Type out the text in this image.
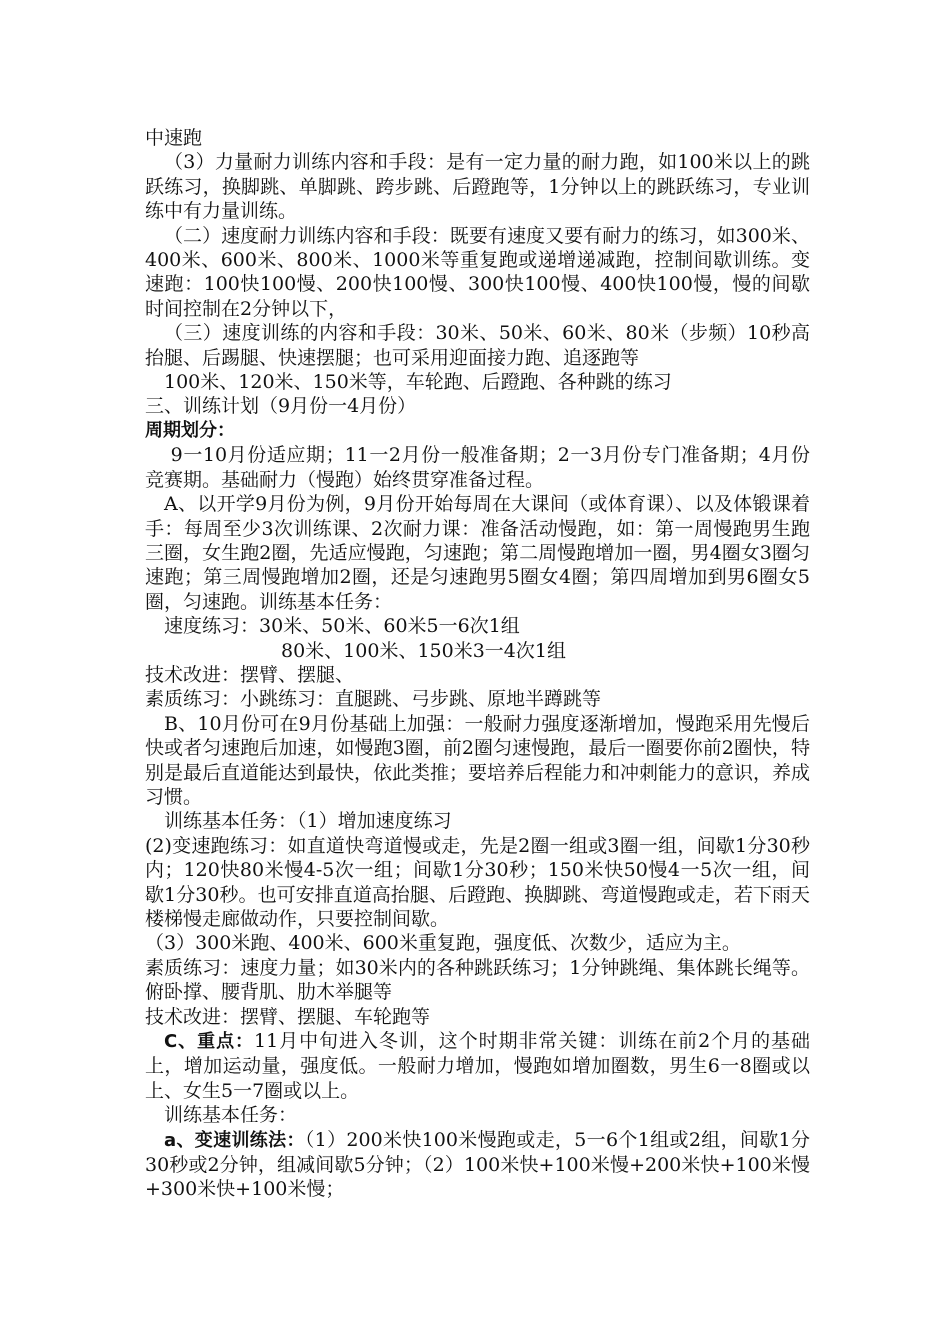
中速跑

（3）力量耐力训练内容和手段：是有一定力量的耐力跑，如100米以上的跳跃练习，换脚跳、单脚跳、跨步跳、后蹬跑等，1分钟以上的跳跃练习，专业训练中有力量训练。

（二）速度耐力训练内容和手段：既要有速度又要有耐力的练习，如300米、400米、600米、800米、1000米等重复跑或递增递减跑，控制间歇训练。变速跑：100快100慢、200快100慢、300快100慢、400快100慢，慢的间歇时间控制在2分钟以下，

（三）速度训练的内容和手段：30米、50米、60米、80米（步频）10秒高抬腿、后踢腿、快速摆腿；也可采用迎面接力跑、追逐跑等

100米、120米、150米等，车轮跑、后蹬跑、各种跳的练习

三、训练计划（9月份一4月份）

周期划分：

9一10月份适应期；11一2月份一般准备期；2一3月份专门准备期；4月份竞赛期。基础耐力（慢跑）始终贯穿准备过程。

A、以开学9月份为例，9月份开始每周在大课间（或体育课）、以及体锻课着手：每周至少3次训练课、2次耐力课：准备活动慢跑，如：第一周慢跑男生跑三圈，女生跑2圈，先适应慢跑，匀速跑；第二周慢跑增加一圈，男4圈女3圈匀速跑；第三周慢跑增加2圈，还是匀速跑男5圈女4圈；第四周增加到男6圈女5圈，匀速跑。训练基本任务：

速度练习：30米、50米、60米5一6次1组

80米、100米、150米3一4次1组

技术改进：摆臂、摆腿、

素质练习：小跳练习：直腿跳、弓步跳、原地半蹲跳等

B、10月份可在9月份基础上加强：一般耐力强度逐渐增加，慢跑采用先慢后快或者匀速跑后加速，如慢跑3圈，前2圈匀速慢跑，最后一圈要你前2圈快，特别是最后直道能达到最快，依此类推；要培养后程能力和冲刺能力的意识，养成习惯。

训练基本任务：（1）增加速度练习

(2)变速跑练习：如直道快弯道慢或走，先是2圈一组或3圈一组，间歇1分30秒内；120快80米慢4-5次一组；间歇1分30秒；150米快50慢4一5次一组，间歇1分30秒。也可安排直道高抬腿、后蹬跑、换脚跳、弯道慢跑或走，若下雨天楼梯慢走廊做动作，只要控制间歇。

（3）300米跑、400米、600米重复跑，强度低、次数少，适应为主。

素质练习：速度力量；如30米内的各种跳跃练习；1分钟跳绳、集体跳长绳等。俯卧撑、腰背肌、肋木举腿等

技术改进：摆臂、摆腿、车轮跑等

C、重点：11月中旬进入冬训，这个时期非常关键：训练在前2个月的基础上，增加运动量，强度低。一般耐力增加，慢跑如增加圈数，男生6一8圈或以上、女生5一7圈或以上。

训练基本任务：

a、变速训练法：（1）200米快100米慢跑或走，5一6个1组或2组，间歇1分30秒或2分钟，组减间歇5分钟；（2）100米快+100米慢+200米快+100米慢+300米快+100米慢；
